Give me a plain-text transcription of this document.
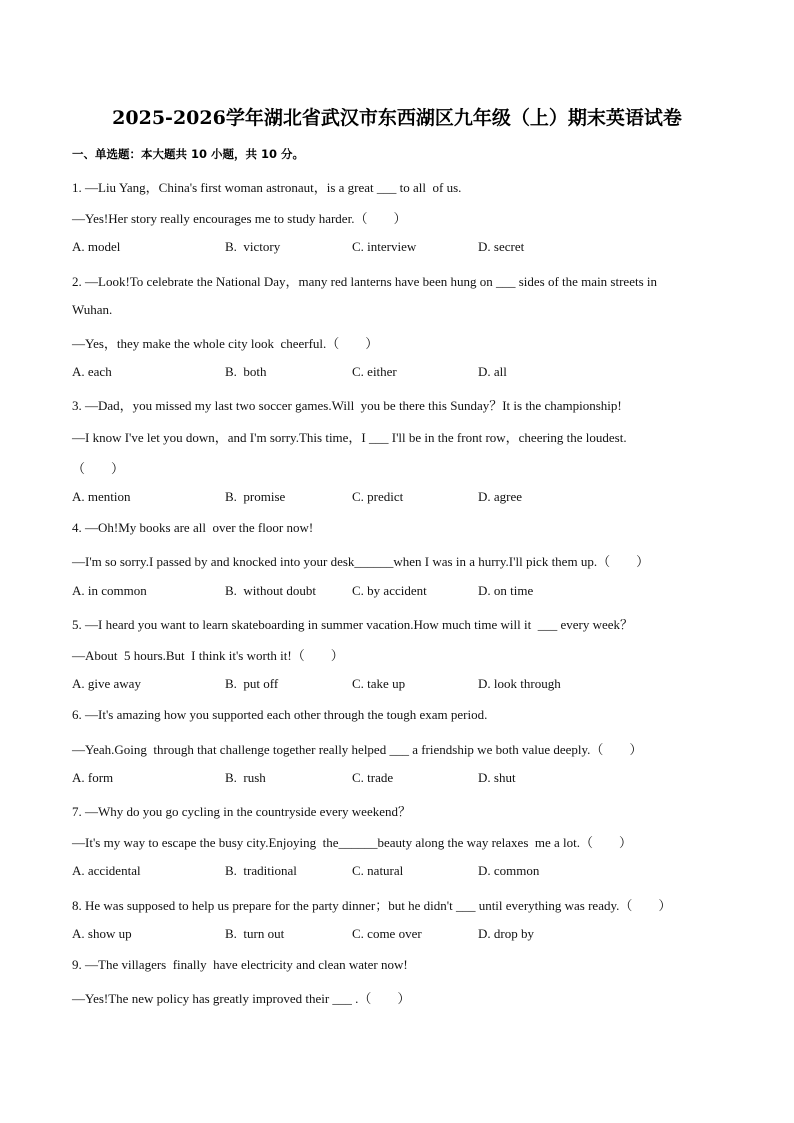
2025-2026学年湖北省武汉市东西湖区九年级（上）期末英语试卷
一、单选题：本大题共 10 小题，共 10 分。
1. —Liu Yang，China's first woman astronaut，is a great ___ to all  of us.
—Yes!Her story really encourages me to study harder.（        ）
A. model	B.  victory	C. interview	D. secret
2. —Look!To celebrate the National Day，many red lanterns have been hung on ___ sides of the main streets in
Wuhan.
—Yes，they make the whole city look  cheerful.（        ）
A. each	B.  both	C. either	D. all
3. —Dad，you missed my last two soccer games.Will  you be there this Sunday？It is the championship!
—I know I've let you down，and I'm sorry.This time，I ___ I'll be in the front row，cheering the loudest.
（        ）
A. mention	B.  promise	C. predict	D. agree
4. —Oh!My books are all  over the floor now!
—I'm so sorry.I passed by and knocked into your desk______when I was in a hurry.I'll pick them up.（        ）
A. in common	B.  without doubt	C. by accident	D. on time
5. —I heard you want to learn skateboarding in summer vacation.How much time will it  ___ every week？
—About  5 hours.But  I think it's worth it!（        ）
A. give away	B.  put off	C. take up	D. look through
6. —It's amazing how you supported each other through the tough exam period.
—Yeah.Going  through that challenge together really helped ___ a friendship we both value deeply.（        ）
A. form	B.  rush	C. trade	D. shut
7. —Why do you go cycling in the countryside every weekend？
—It's my way to escape the busy city.Enjoying  the______beauty along the way relaxes  me a lot.（        ）
A. accidental	B.  traditional	C. natural	D. common
8. He was supposed to help us prepare for the party dinner；but he didn't ___ until everything was ready.（        ）
A. show up	B.  turn out	C. come over	D. drop by
9. —The villagers  finally  have electricity and clean water now!
—Yes!The new policy has greatly improved their ___ .（        ）
